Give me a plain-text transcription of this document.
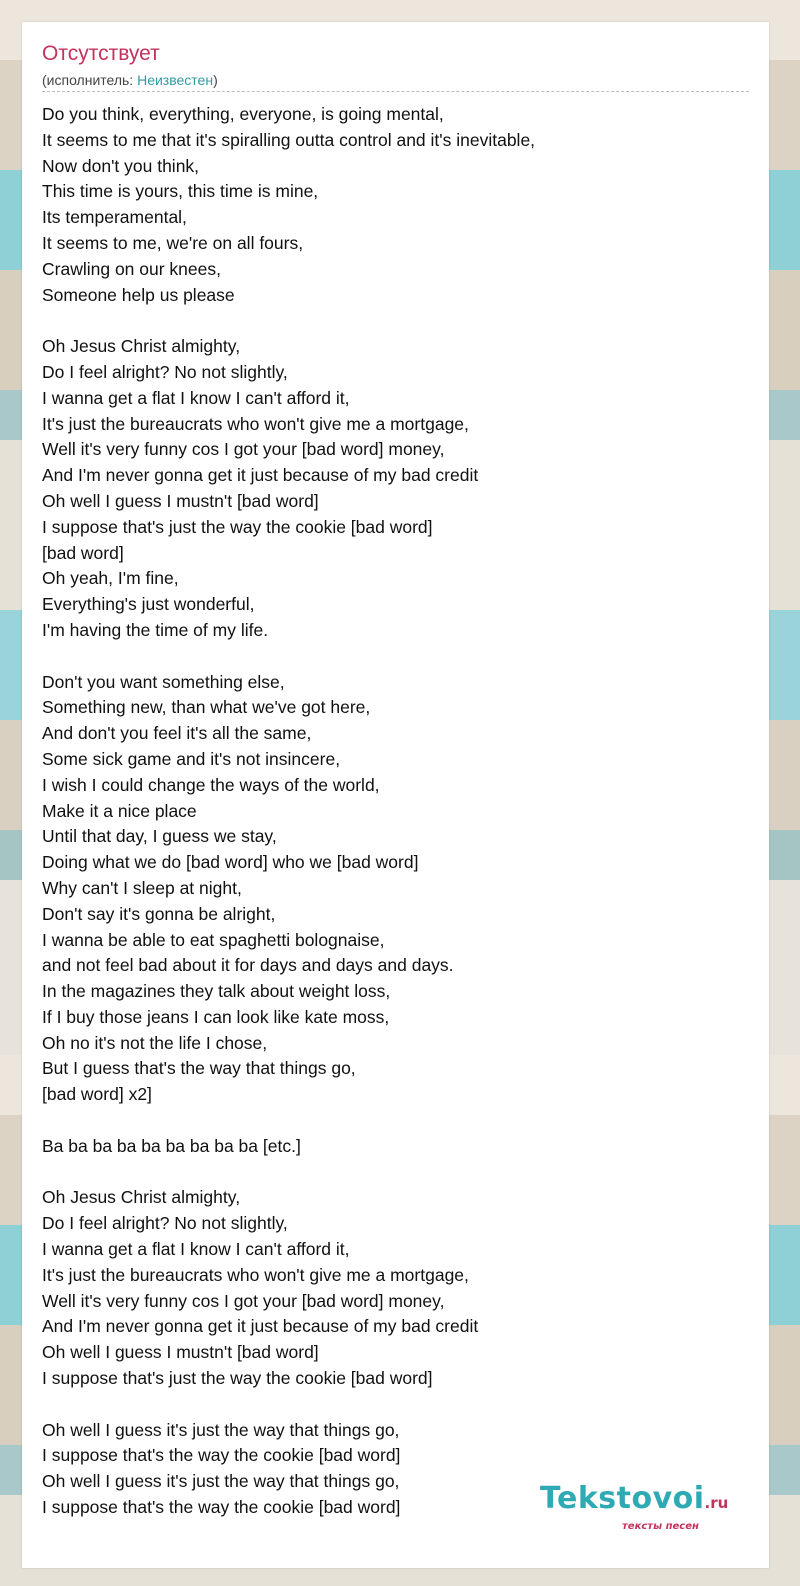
Отсутствует
(исполнитель: Неизвестен)
Do you think, everything, everyone, is going mental,
It seems to me that it's spiralling outta control and it's inevitable,
Now don't you think,
This time is yours, this time is mine,
Its temperamental,
It seems to me, we're on all fours,
Crawling on our knees,
Someone help us please

Oh Jesus Christ almighty,
Do I feel alright? No not slightly,
I wanna get a flat I know I can't afford it,
It's just the bureaucrats who won't give me a mortgage,
Well it's very funny cos I got your [bad word] money,
And I'm never gonna get it just because of my bad credit
Oh well I guess I mustn't [bad word]
I suppose that's just the way the cookie [bad word]
[bad word]
Oh yeah, I'm fine,
Everything's just wonderful,
I'm having the time of my life.

Don't you want something else,
Something new, than what we've got here,
And don't you feel it's all the same,
Some sick game and it's not insincere,
I wish I could change the ways of the world,
Make it a nice place
Until that day, I guess we stay,
Doing what we do [bad word] who we [bad word]
Why can't I sleep at night,
Don't say it's gonna be alright,
I wanna be able to eat spaghetti bolognaise,
and not feel bad about it for days and days and days.
In the magazines they talk about weight loss,
If I buy those jeans I can look like kate moss,
Oh no it's not the life I chose,
But I guess that's the way that things go,
[bad word] x2]

Ba ba ba ba ba ba ba ba ba [etc.]

Oh Jesus Christ almighty,
Do I feel alright? No not slightly,
I wanna get a flat I know I can't afford it,
It's just the bureaucrats who won't give me a mortgage,
Well it's very funny cos I got your [bad word] money,
And I'm never gonna get it just because of my bad credit
Oh well I guess I mustn't [bad word]
I suppose that's just the way the cookie [bad word]

Oh well I guess it's just the way that things go,
I suppose that's the way the cookie [bad word]
Oh well I guess it's just the way that things go,
I suppose that's the way the cookie [bad word]	Tekstovoi.ru
тексты песен
